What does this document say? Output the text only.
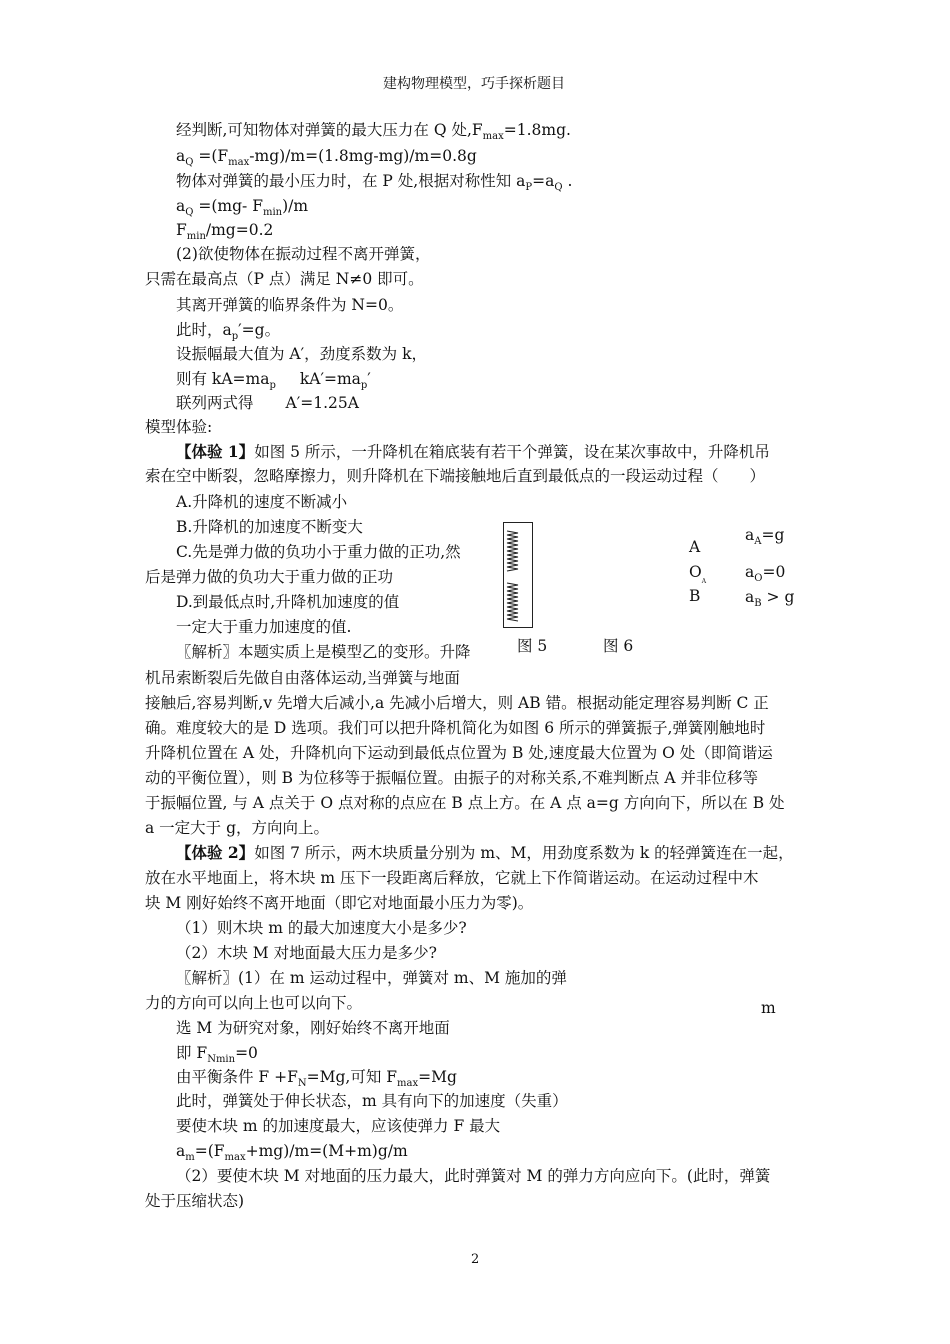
建构物理模型，巧手探析题目
经判断,可知物体对弹簧的最大压力在 Q 处$,F_{max}=1.8mg$.
$a_Q =(F_{max}-mg)/m=(1.8mg-mg)/m=0.8g$
物体对弹簧的最小压力时，在 P 处,根据对称性知 $a_P=a_Q$ .
$a_Q =(mg-$ $F_{min})/m$
$F_{min}/mg=0.2$
(2)欲使物体在振动过程不离开弹簧，
只需在最高点（P 点）满足 N≠0 即可。
其离开弹簧的临界条件为 N=0。
此时，$a_p'=g$。
设振幅最大值为 A′，劲度系数为 k，
则有 $kA=ma_p$ $kA'=ma_p'$
联列两式得 A′=1.25A
模型体验:
【体验 1】如图 5 所示，一升降机在箱底装有若干个弹簧，设在某次事故中，升降机吊
索在空中断裂，忽略摩擦力，则升降机在下端接触地后直到最低点的一段运动过程（　　）
A.升降机的速度不断减小
B.升降机的加速度不断变大
C.先是弹力做的负功小于重力做的正功,然
后是弹力做的负功大于重力做的正功
D.到最低点时,升降机加速度的值
一定大于重力加速度的值.
图 5	图 6
A
$O_A$
B
$a_A=g$
$a_O=0$
$a_B > g$
〖解析〗本题实质上是模型乙的变形。升降
机吊索断裂后先做自由落体运动,当弹簧与地面
接触后,容易判断,v 先增大后减小,a 先减小后增大，则 AB 错。根据动能定理容易判断 C 正
确。难度较大的是 D 选项。我们可以把升降机简化为如图 6 所示的弹簧振子,弹簧刚触地时
升降机位置在 A 处，升降机向下运动到最低点位置为 B 处,速度最大位置为 O 处（即简谐运
动的平衡位置），则 B 为位移等于振幅位置。由振子的对称关系,不难判断点 A 并非位移等
于振幅位置, 与 A 点关于 O 点对称的点应在 B 点上方。在 A 点 a=g 方向向下，所以在 B 处
a 一定大于 g，方向向上。
【体验 2】如图 7 所示，两木块质量分别为 m、M，用劲度系数为 k 的轻弹簧连在一起，
放在水平地面上，将木块 m 压下一段距离后释放，它就上下作简谐运动。在运动过程中木
块 M 刚好始终不离开地面（即它对地面最小压力为零)。
（1）则木块 m 的最大加速度大小是多少?
（2）木块 M 对地面最大压力是多少?
〖解析〗(1）在 m 运动过程中，弹簧对 m、M 施加的弹
力的方向可以向上也可以向下。	m
选 M 为研究对象，刚好始终不离开地面
即 $F_{Nmin}=0$
由平衡条件 $F +F_N=Mg$,可知 $F_{max}=Mg$
此时，弹簧处于伸长状态，m 具有向下的加速度（失重）
要使木块 m 的加速度最大，应该使弹力 F 最大
$a_m=(F_{max}+mg)/m=(M+m)g/m$
（2）要使木块 M 对地面的压力最大，此时弹簧对 M 的弹力方向应向下。(此时，弹簧
处于压缩状态)
2
